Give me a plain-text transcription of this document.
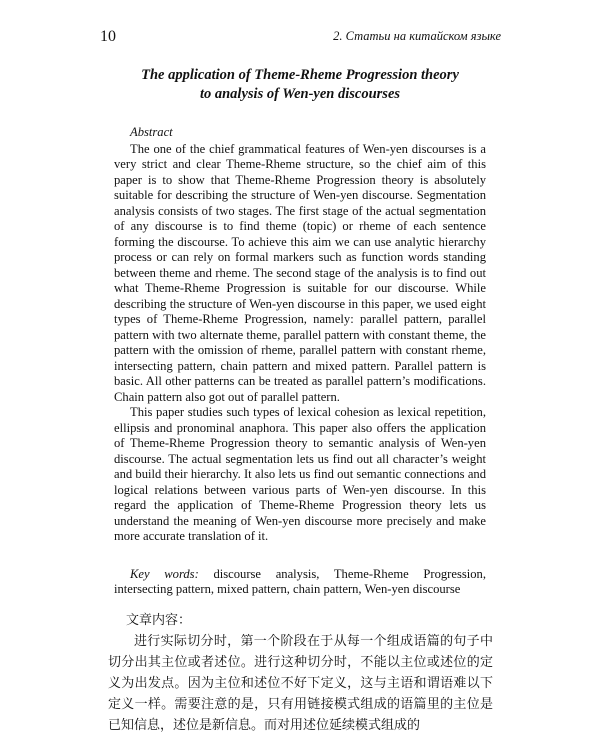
10	2. Статьи на китайском языке
The application of Theme-Rheme Progression theory
to analysis of Wen-yen discourses

Abstract

The one of the chief grammatical features of Wen-yen discourses is a very strict and clear Theme-Rheme structure, so the chief aim of this paper is to show that Theme-Rheme Progression theory is absolutely suitable for describing the structure of Wen-yen discourse. Segmentation analysis consists of two stages. The first stage of the actual segmentation of any discourse is to find theme (topic) or rheme of each sentence forming the discourse. To achieve this aim we can use analytic hierarchy process or can rely on formal markers such as function words standing between theme and rheme. The second stage of the analysis is to find out what Theme-Rheme Progression is suitable for our discourse. While describing the structure of Wen-yen discourse in this paper, we used eight types of Theme-Rheme Progression, namely: parallel pattern, parallel pattern with two alternate theme, parallel pattern with constant theme, the pattern with the omission of rheme, parallel pattern with constant rheme, intersecting pattern, chain pattern and mixed pattern. Parallel pattern is basic. All other patterns can be treated as parallel pattern’s modifications. Chain pattern also got out of parallel pattern.

This paper studies such types of lexical cohesion as lexical repetition, ellipsis and pronominal anaphora. This paper also offers the application of Theme-Rheme Progression theory to semantic analysis of Wen-yen discourse. The actual segmentation lets us find out all character’s weight and build their hierarchy. It also lets us find out semantic connections and logical relations between various parts of Wen-yen discourse. In this regard the application of Theme-Rheme Progression theory lets us understand the meaning of Wen-yen discourse more precisely and make more accurate translation of it.

Key words: discourse analysis, Theme-Rheme Progression, intersecting pattern, mixed pattern, chain pattern, Wen-yen discourse

文章内容：

进行实际切分时，第一个阶段在于从每一个组成语篇的句子中切分出其主位或者述位。进行这种切分时，不能以主位或述位的定义为出发点。因为主位和述位不好下定义，这与主语和谓语难以下定义一样。需要注意的是，只有用链接模式组成的语篇里的主位是已知信息，述位是新信息。而对用述位延续模式组成的
